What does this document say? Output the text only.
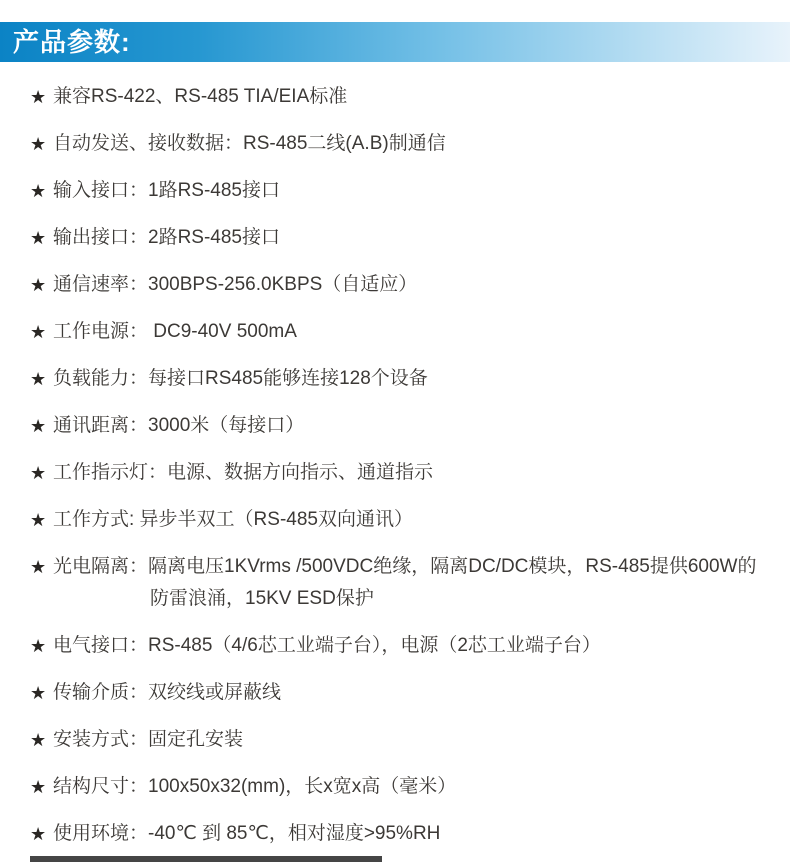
产品参数:
★ 兼容RS-422、RS-485 TIA/EIA标准
★ 自动发送、接收数据：RS-485二线(A.B)制通信
★ 输入接口：1路RS-485接口
★ 输出接口：2路RS-485接口
★ 通信速率：300BPS-256.0KBPS（自适应）
★ 工作电源： DC9-40V 500mA
★ 负载能力：每接口RS485能够连接128个设备
★ 通讯距离：3000米（每接口）
★ 工作指示灯：电源、数据方向指示、通道指示
★ 工作方式: 异步半双工（RS-485双向通讯）
★ 光电隔离：隔离电压1KVrms /500VDC绝缘，隔离DC/DC模块，RS-485提供600W的
防雷浪涌，15KV ESD保护
★ 电气接口：RS-485（4/6芯工业端子台），电源（2芯工业端子台）
★ 传输介质：双绞线或屏蔽线
★ 安装方式：固定孔安装
★ 结构尺寸：100x50x32(mm)，长x宽x高（毫米）
★ 使用环境：-40℃ 到 85℃，相对湿度>95%RH
